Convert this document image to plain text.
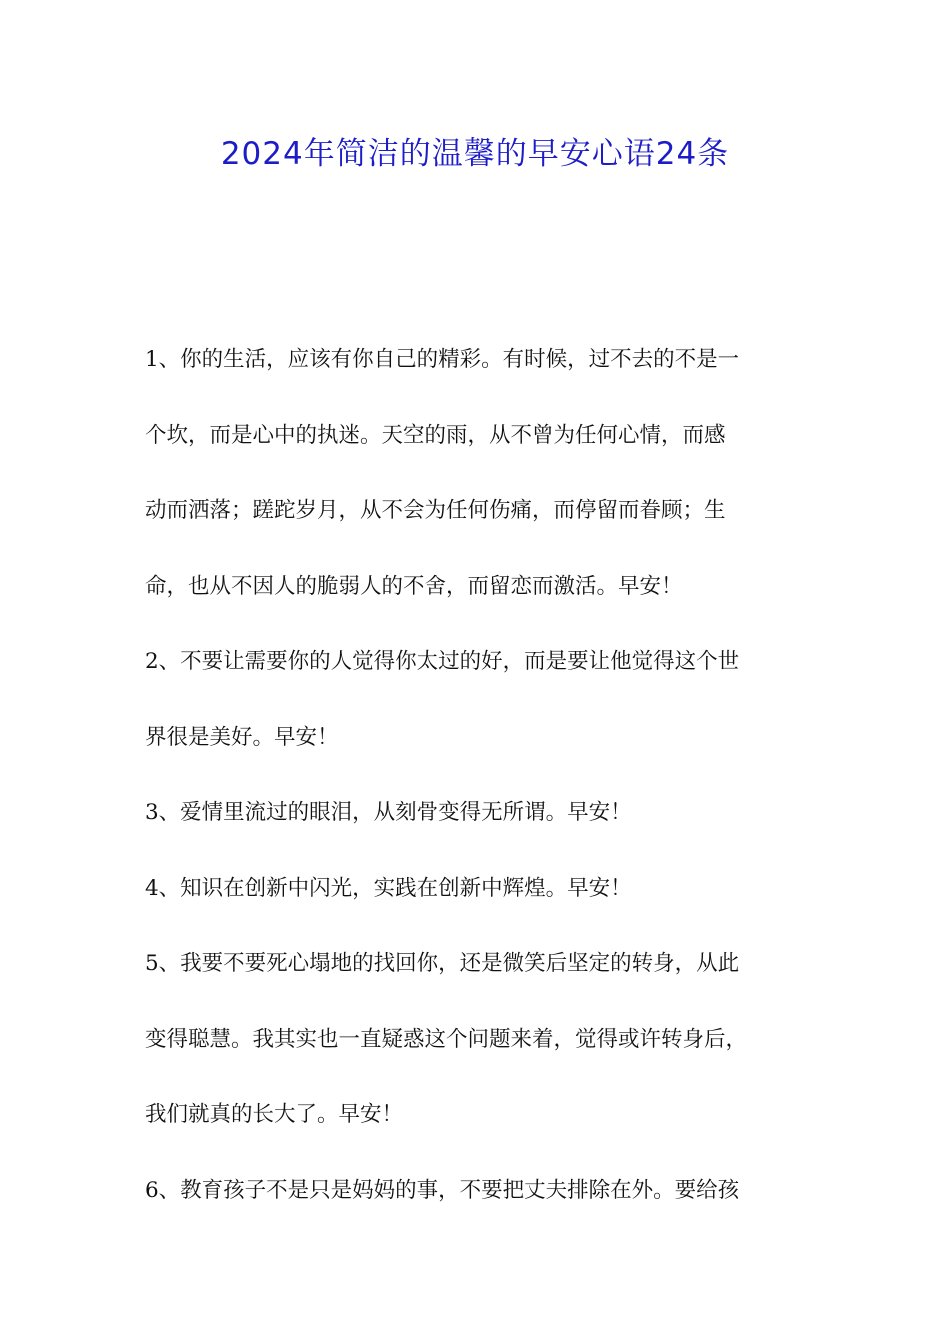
2024年简洁的温馨的早安心语24条
1、你的生活，应该有你自己的精彩。有时候，过不去的不是一
个坎，而是心中的执迷。天空的雨，从不曾为任何心情，而感
动而洒落；蹉跎岁月，从不会为任何伤痛，而停留而眷顾；生
命，也从不因人的脆弱人的不舍，而留恋而激活。早安！
2、不要让需要你的人觉得你太过的好，而是要让他觉得这个世
界很是美好。早安！
3、爱情里流过的眼泪，从刻骨变得无所谓。早安！
4、知识在创新中闪光，实践在创新中辉煌。早安！
5、我要不要死心塌地的找回你，还是微笑后坚定的转身，从此
变得聪慧。我其实也一直疑惑这个问题来着，觉得或许转身后，
我们就真的长大了。早安！
6、教育孩子不是只是妈妈的事，不要把丈夫排除在外。要给孩
